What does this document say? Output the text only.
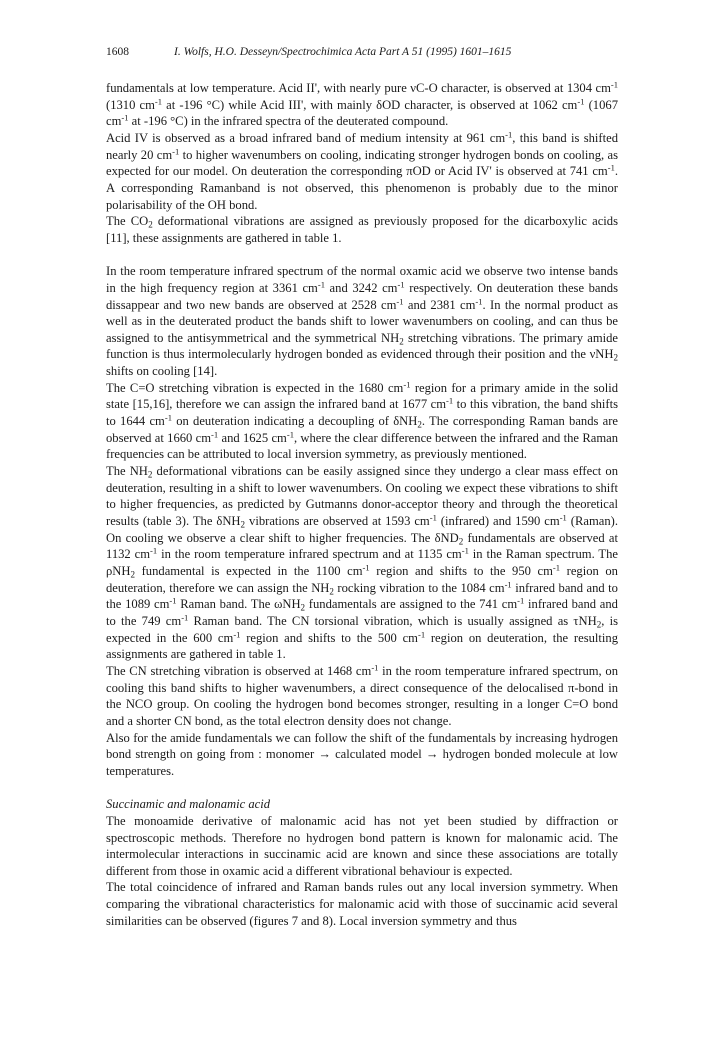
1608	I. Wolfs, H.O. Desseyn/Spectrochimica Acta Part A 51 (1995) 1601–1615

fundamentals at low temperature. Acid II', with nearly pure νC-O character, is observed at 1304 $cm^{-1}$ (1310 $cm^{-1}$ at -196 °C) while Acid III', with mainly δOD character, is observed at 1062 $cm^{-1}$ (1067 $cm^{-1}$ at -196 °C) in the infrared spectra of the deuterated compound.

Acid IV is observed as a broad infrared band of medium intensity at 961 $cm^{-1}$, this band is shifted nearly 20 $cm^{-1}$ to higher wavenumbers on cooling, indicating stronger hydrogen bonds on cooling, as expected for our model. On deuteration the corresponding πOD or Acid IV' is observed at 741 $cm^{-1}$. A corresponding Ramanband is not observed, this phenomenon is probably due to the minor polarisability of the OH bond.

The $CO_2$ deformational vibrations are assigned as previously proposed for the dicarboxylic acids [11], these assignments are gathered in table 1.

In the room temperature infrared spectrum of the normal oxamic acid we observe two intense bands in the high frequency region at 3361 $cm^{-1}$ and 3242 $cm^{-1}$ respectively. On deuteration these bands dissappear and two new bands are observed at 2528 $cm^{-1}$ and 2381 $cm^{-1}$. In the normal product as well as in the deuterated product the bands shift to lower wavenumbers on cooling, and can thus be assigned to the antisymmetrical and the symmetrical $NH_2$ stretching vibrations. The primary amide function is thus intermolecularly hydrogen bonded as evidenced through their position and the νNH$_2$ shifts on cooling [14].

The C=O stretching vibration is expected in the 1680 $cm^{-1}$ region for a primary amide in the solid state [15,16], therefore we can assign the infrared band at 1677 $cm^{-1}$ to this vibration, the band shifts to 1644 $cm^{-1}$ on deuteration indicating a decoupling of δNH$_2$. The corresponding Raman bands are observed at 1660 $cm^{-1}$ and 1625 $cm^{-1}$, where the clear difference between the infrared and the Raman frequencies can be attributed to local inversion symmetry, as previously mentioned.

The $NH_2$ deformational vibrations can be easily assigned since they undergo a clear mass effect on deuteration, resulting in a shift to lower wavenumbers. On cooling we expect these vibrations to shift to higher frequencies, as predicted by Gutmanns donor-acceptor theory and through the theoretical results (table 3). The δNH$_2$ vibrations are observed at 1593 $cm^{-1}$ (infrared) and 1590 $cm^{-1}$ (Raman). On cooling we observe a clear shift to higher frequencies. The δND$_2$ fundamentals are observed at 1132 $cm^{-1}$ in the room temperature infrared spectrum and at 1135 $cm^{-1}$ in the Raman spectrum. The ρNH$_2$ fundamental is expected in the 1100 $cm^{-1}$ region and shifts to the 950 $cm^{-1}$ region on deuteration, therefore we can assign the $NH_2$ rocking vibration to the 1084 $cm^{-1}$ infrared band and to the 1089 $cm^{-1}$ Raman band. The ωNH$_2$ fundamentals are assigned to the 741 $cm^{-1}$ infrared band and to the 749 $cm^{-1}$ Raman band. The CN torsional vibration, which is usually assigned as τNH$_2$, is expected in the 600 $cm^{-1}$ region and shifts to the 500 $cm^{-1}$ region on deuteration, the resulting assignments are gathered in table 1.

The CN stretching vibration is observed at 1468 $cm^{-1}$ in the room temperature infrared spectrum, on cooling this band shifts to higher wavenumbers, a direct consequence of the delocalised π-bond in the NCO group. On cooling the hydrogen bond becomes stronger, resulting in a longer C=O bond and a shorter CN bond, as the total electron density does not change.

Also for the amide fundamentals we can follow the shift of the fundamentals by increasing hydrogen bond strength on going from : monomer → calculated model → hydrogen bonded molecule at low temperatures.

Succinamic and malonamic acid

The monoamide derivative of malonamic acid has not yet been studied by diffraction or spectroscopic methods. Therefore no hydrogen bond pattern is known for malonamic acid. The intermolecular interactions in succinamic acid are known and since these associations are totally different from those in oxamic acid a different vibrational behaviour is expected.

The total coincidence of infrared and Raman bands rules out any local inversion symmetry. When comparing the vibrational characteristics for malonamic acid with those of succinamic acid several similarities can be observed (figures 7 and 8). Local inversion symmetry and thus
